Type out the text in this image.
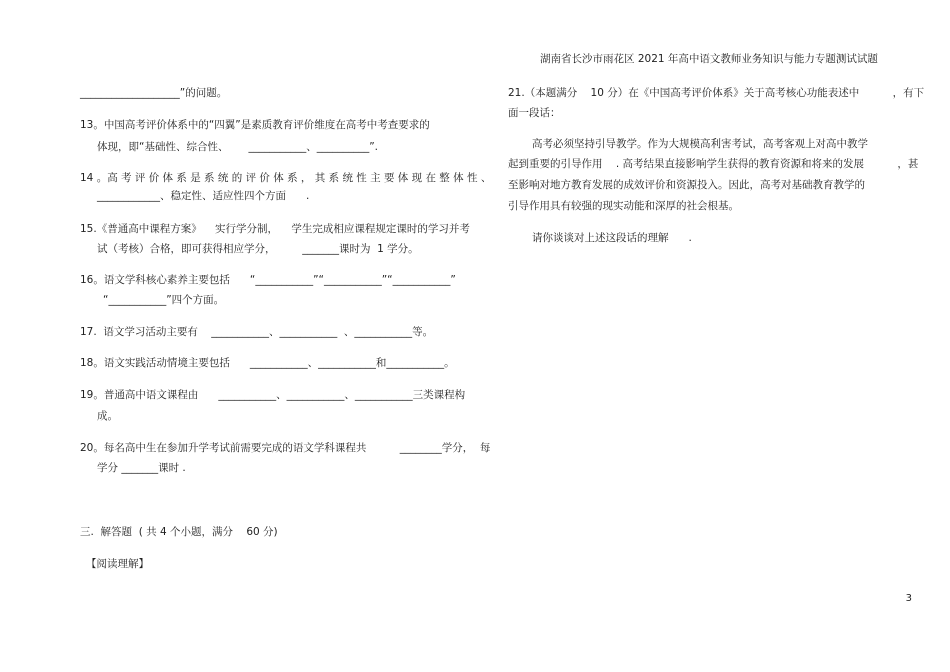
湖南省长沙市雨花区 2021 年高中语文教师业务知识与能力专题测试试题
___________________”的问题。
13。中国高考评价体系中的“四翼”是素质教育评价维度在高考中考查要求的
体现，即“基础性、综合性、      ___________、__________”.
14 。高 考 评 价 体 系 是 系 统 的 评 价 体 系 ， 其 系 统 性 主 要 体 现 在 整 体 性 、
____________、稳定性、适应性四个方面      .
15.《普通高中课程方案》    实行学分制，    学生完成相应课程规定课时的学习并考
试（考核）合格，即可获得相应学分，        _______课时为  1 学分。
16。语文学科核心素养主要包括      “___________”“___________”“___________”
“___________”四个方面。
17.  语文学习活动主要有    ___________、___________  、___________等。
18。语文实践活动情境主要包括      ___________、___________和___________。
19。普通高中语文课程由      ___________、___________、___________三类课程构
成。
20。每名高中生在参加升学考试前需要完成的语文学科课程共          ________学分，  每
学分 _______课时 .
三.  解答题  ( 共 4 个小题，满分    60 分)
【阅读理解】
21.（本题满分    10 分）在《中国高考评价体系》关于高考核心功能表述中          ，有下
面一段话：
高考必须坚持引导教学。作为大规模高利害考试，高考客观上对高中教学
起到重要的引导作用    . 高考结果直接影响学生获得的教育资源和将来的发展          ，甚
至影响对地方教育发展的成效评价和资源投入。因此，高考对基础教育教学的
引导作用具有较强的现实动能和深厚的社会根基。
请你谈谈对上述这段话的理解      .
3
